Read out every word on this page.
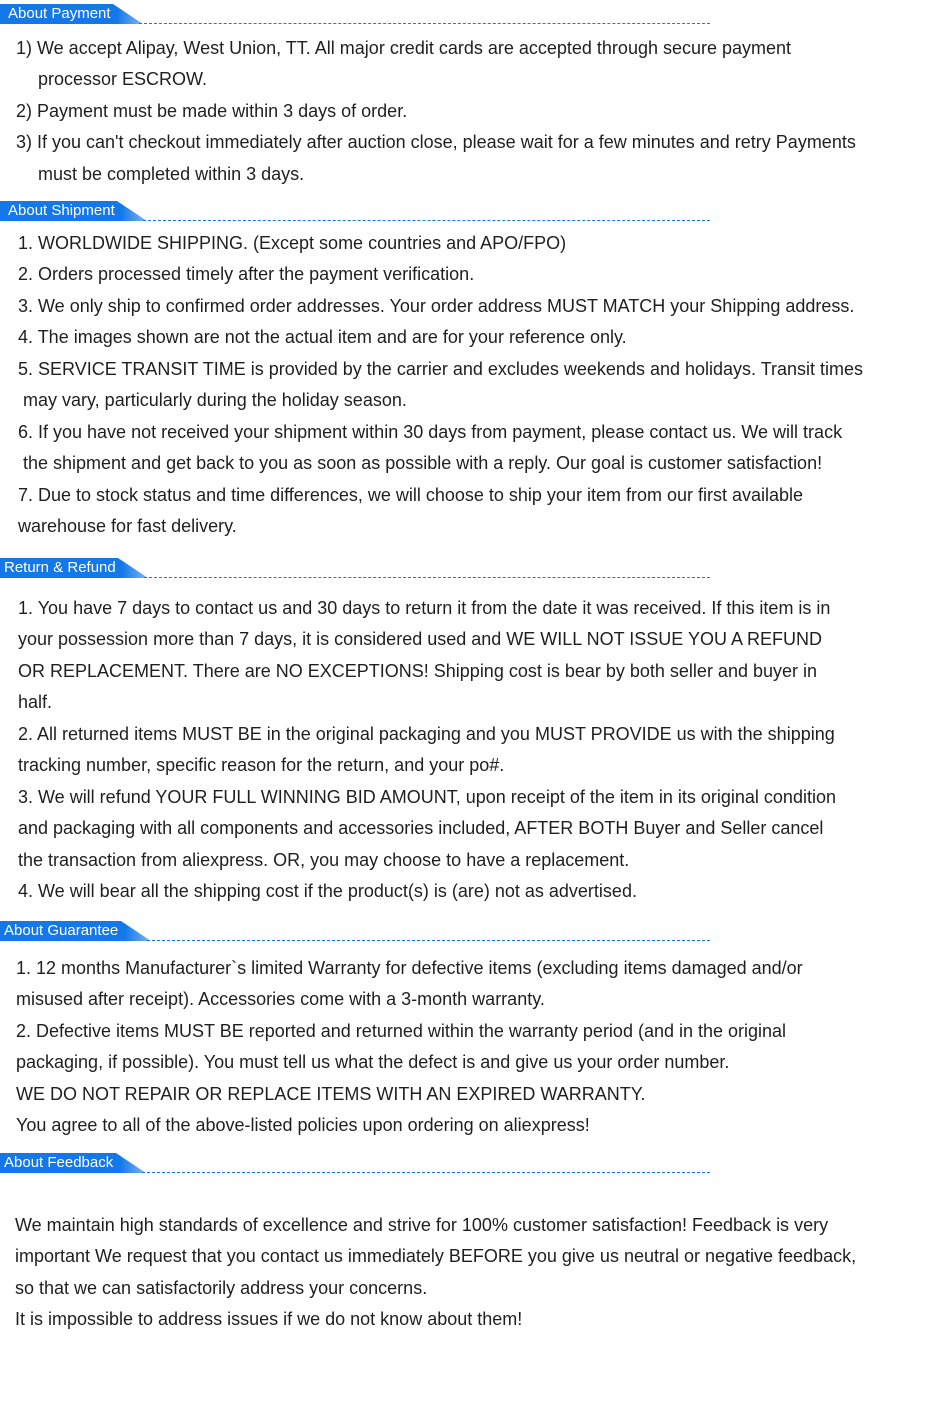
About Payment
About Shipment
Return & Refund
About Guarantee
About Feedback
1) We accept Alipay, West Union, TT. All major credit cards are accepted through secure payment
processor ESCROW.
2) Payment must be made within 3 days of order.
3) If you can't checkout immediately after auction close, please wait for a few minutes and retry Payments
must be completed within 3 days.
1. WORLDWIDE SHIPPING. (Except some countries and APO/FPO)
2. Orders processed timely after the payment verification.
3. We only ship to confirmed order addresses. Your order address MUST MATCH your Shipping address.
4. The images shown are not the actual item and are for your reference only.
5. SERVICE TRANSIT TIME is provided by the carrier and excludes weekends and holidays. Transit times
may vary, particularly during the holiday season.
6. If you have not received your shipment within 30 days from payment, please contact us. We will track
the shipment and get back to you as soon as possible with a reply. Our goal is customer satisfaction!
7. Due to stock status and time differences, we will choose to ship your item from our first available
warehouse for fast delivery.
1. You have 7 days to contact us and 30 days to return it from the date it was received. If this item is in
your possession more than 7 days, it is considered used and WE WILL NOT ISSUE YOU A REFUND
OR REPLACEMENT. There are NO EXCEPTIONS! Shipping cost is bear by both seller and buyer in
half.
2. All returned items MUST BE in the original packaging and you MUST PROVIDE us with the shipping
tracking number, specific reason for the return, and your po#.
3. We will refund YOUR FULL WINNING BID AMOUNT, upon receipt of the item in its original condition
and packaging with all components and accessories included, AFTER BOTH Buyer and Seller cancel
the transaction from aliexpress. OR, you may choose to have a replacement.
4. We will bear all the shipping cost if the product(s) is (are) not as advertised.
1. 12 months Manufacturer`s limited Warranty for defective items (excluding items damaged and/or
misused after receipt). Accessories come with a 3-month warranty.
2. Defective items MUST BE reported and returned within the warranty period (and in the original
packaging, if possible). You must tell us what the defect is and give us your order number.
WE DO NOT REPAIR OR REPLACE ITEMS WITH AN EXPIRED WARRANTY.
You agree to all of the above-listed policies upon ordering on aliexpress!
We maintain high standards of excellence and strive for 100% customer satisfaction! Feedback is very
important We request that you contact us immediately BEFORE you give us neutral or negative feedback,
so that we can satisfactorily address your concerns.
It is impossible to address issues if we do not know about them!
